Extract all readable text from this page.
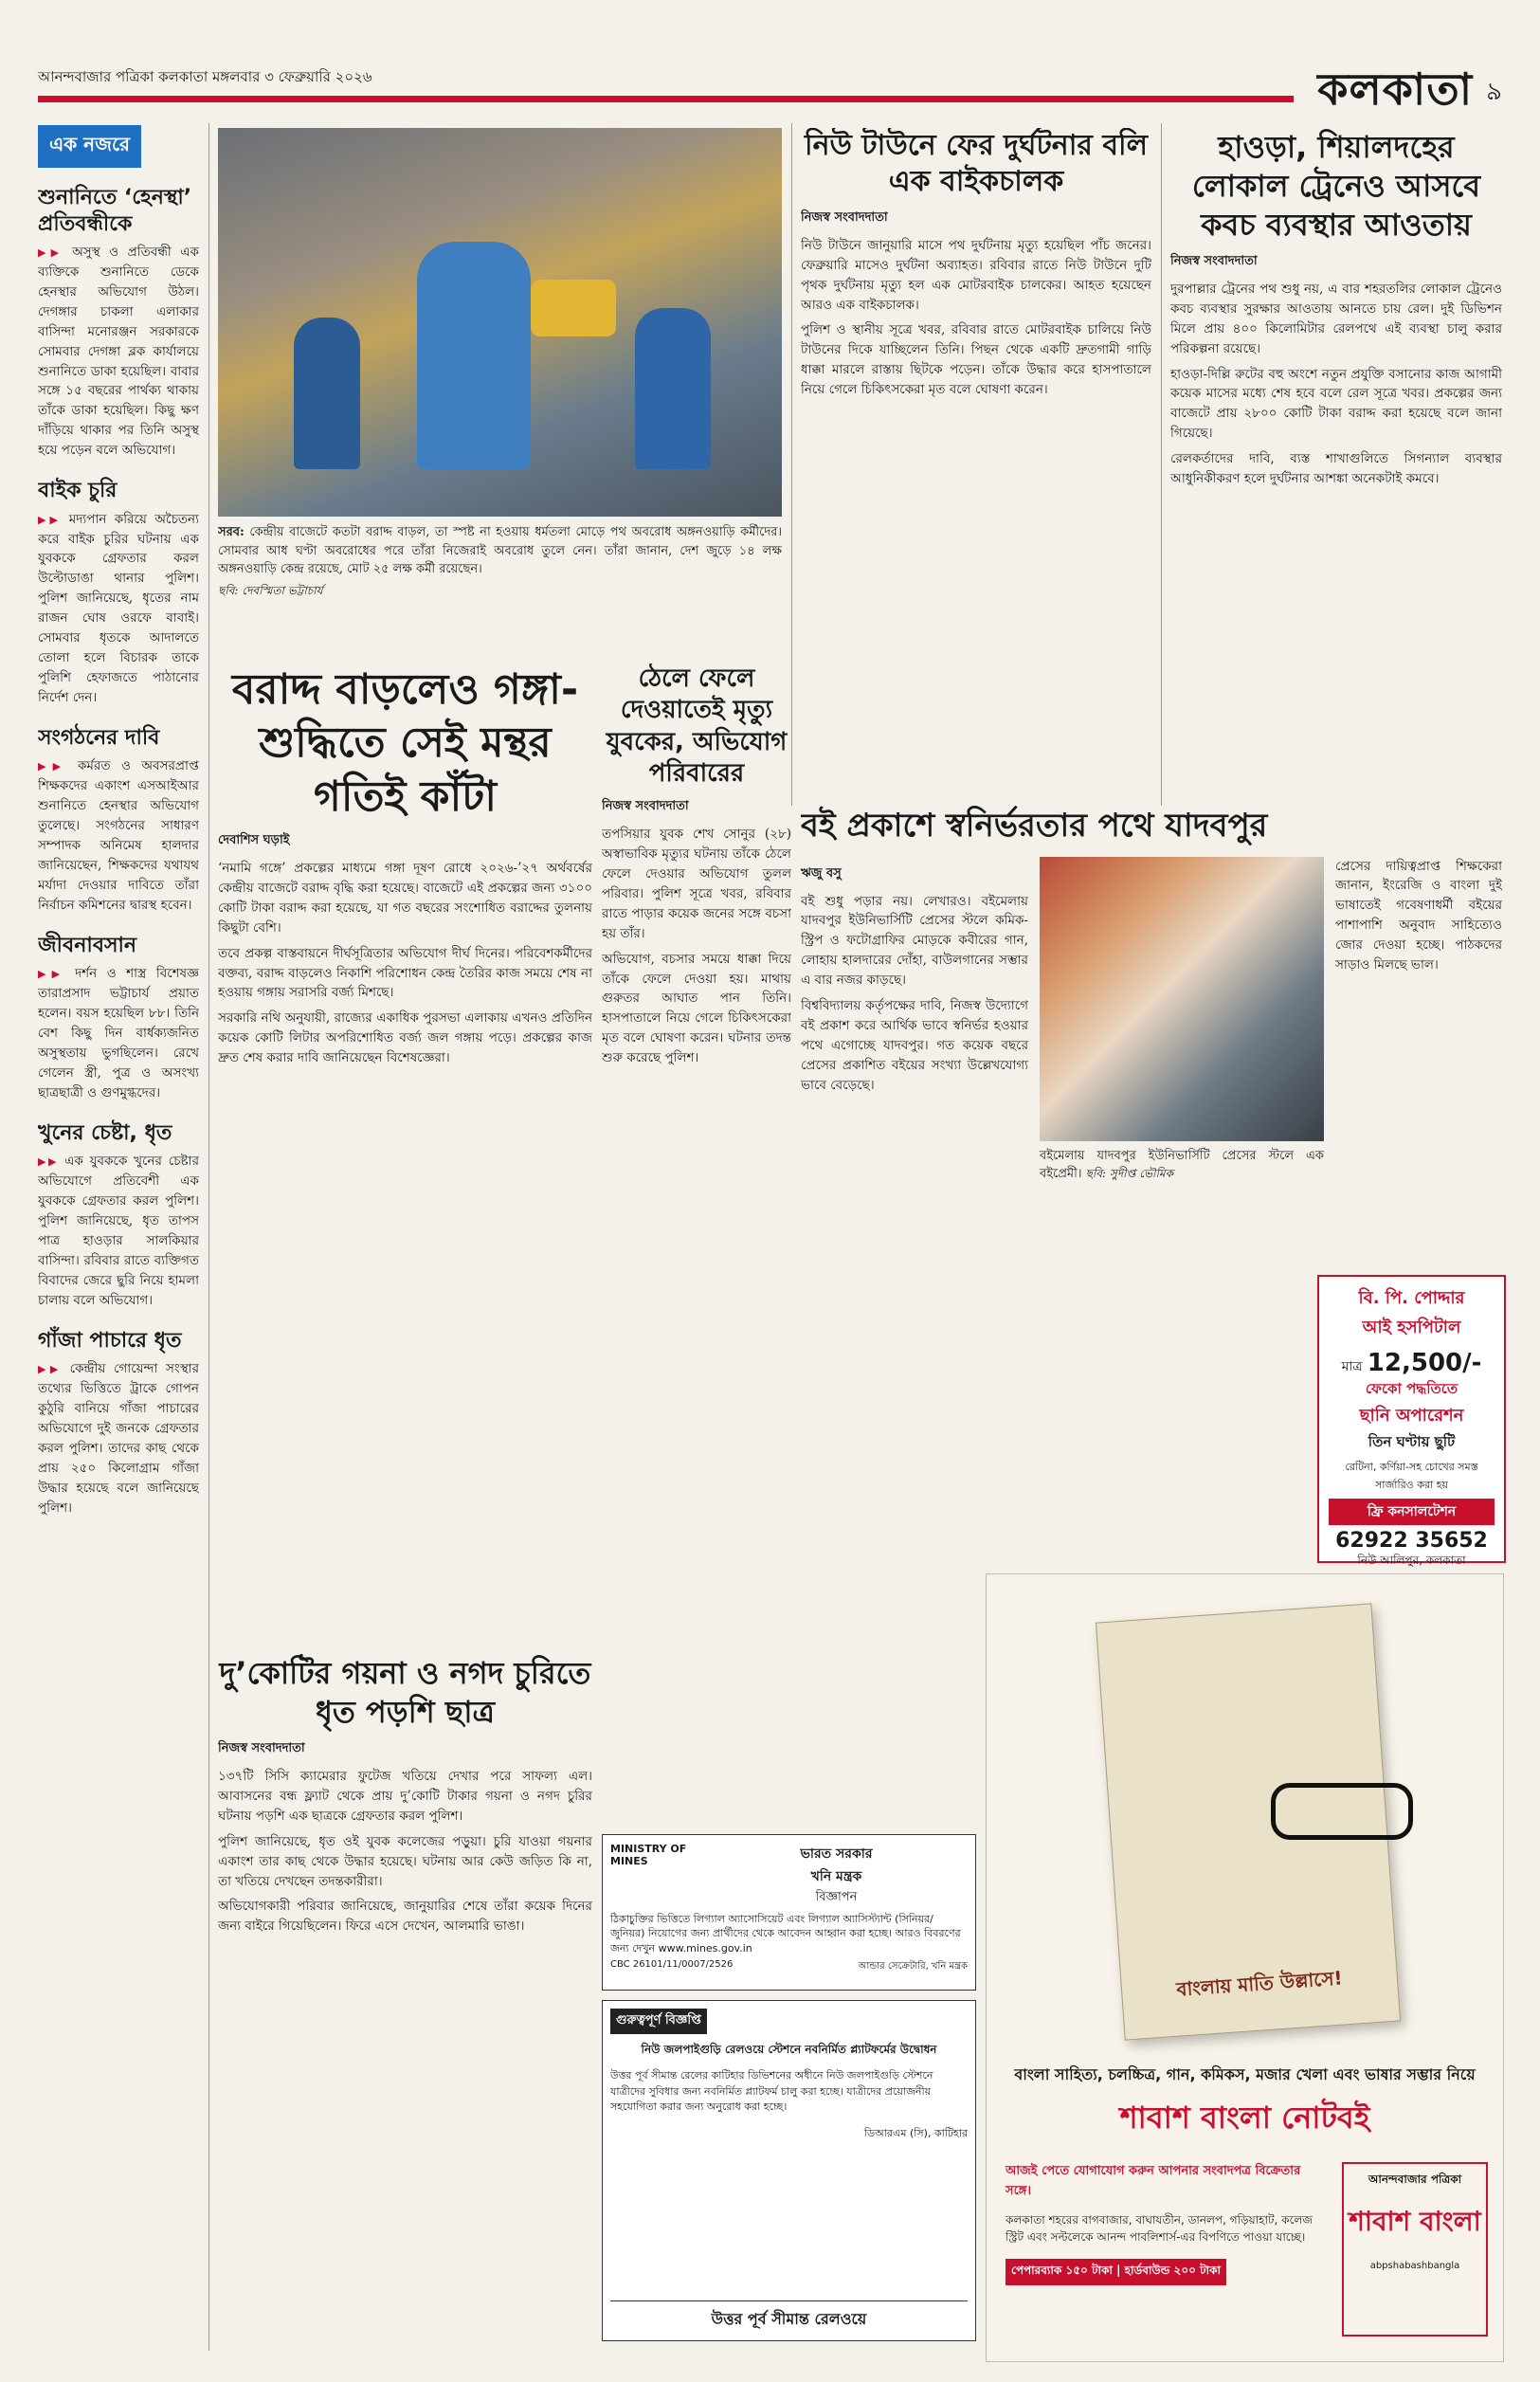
আনন্দবাজার পত্রিকা কলকাতা মঙ্গলবার ৩ ফেব্রুয়ারি ২০২৬	কলকাতা ৯
এক নজরে
শুনানিতে ‘হেনস্থা’ প্রতিবন্ধীকে

▶▶ অসুস্থ ও প্রতিবন্ধী এক ব্যক্তিকে শুনানিতে ডেকে হেনস্থার অভিযোগ উঠল। দেগঙ্গার চাকলা এলাকার বাসিন্দা মনোরঞ্জন সরকারকে সোমবার দেগঙ্গা ব্লক কার্যালয়ে শুনানিতে ডাকা হয়েছিল। বাবার সঙ্গে ১৫ বছরের পার্থক্য থাকায় তাঁকে ডাকা হয়েছিল। কিছু ক্ষণ দাঁড়িয়ে থাকার পর তিনি অসুস্থ হয়ে পড়েন বলে অভিযোগ।

বাইক চুরি

▶▶ মদ্যপান করিয়ে অচৈতন্য করে বাইক চুরির ঘটনায় এক যুবককে গ্রেফতার করল উল্টোডাঙা থানার পুলিশ। পুলিশ জানিয়েছে, ধৃতের নাম রাজন ঘোষ ওরফে বাবাই। সোমবার ধৃতকে আদালতে তোলা হলে বিচারক তাকে পুলিশি হেফাজতে পাঠানোর নির্দেশ দেন।

সংগঠনের দাবি

▶▶ কর্মরত ও অবসরপ্রাপ্ত শিক্ষকদের একাংশ এসআইআর শুনানিতে হেনস্থার অভিযোগ তুলেছে। সংগঠনের সাধারণ সম্পাদক অনিমেষ হালদার জানিয়েছেন, শিক্ষকদের যথাযথ মর্যাদা দেওয়ার দাবিতে তাঁরা নির্বাচন কমিশনের দ্বারস্থ হবেন।

জীবনাবসান

▶▶ দর্শন ও শাস্ত্র বিশেষজ্ঞ তারাপ্রসাদ ভট্টাচার্য প্রয়াত হলেন। বয়স হয়েছিল ৮৮। তিনি বেশ কিছু দিন বার্ধক্যজনিত অসুস্থতায় ভুগছিলেন। রেখে গেলেন স্ত্রী, পুত্র ও অসংখ্য ছাত্রছাত্রী ও গুণমুগ্ধদের।

খুনের চেষ্টা, ধৃত

▶▶ এক যুবককে খুনের চেষ্টার অভিযোগে প্রতিবেশী এক যুবককে গ্রেফতার করল পুলিশ। পুলিশ জানিয়েছে, ধৃত তাপস পাত্র হাওড়ার সালকিয়ার বাসিন্দা। রবিবার রাতে ব্যক্তিগত বিবাদের জেরে ছুরি নিয়ে হামলা চালায় বলে অভিযোগ।

গাঁজা পাচারে ধৃত

▶▶ কেন্দ্রীয় গোয়েন্দা সংস্থার তথ্যের ভিত্তিতে ট্রাকে গোপন কুঠুরি বানিয়ে গাঁজা পাচারের অভিযোগে দুই জনকে গ্রেফতার করল পুলিশ। তাদের কাছ থেকে প্রায় ২৫০ কিলোগ্রাম গাঁজা উদ্ধার হয়েছে বলে জানিয়েছে পুলিশ।

সরব: কেন্দ্রীয় বাজেটে কতটা বরাদ্দ বাড়ল, তা স্পষ্ট না হওয়ায় ধর্মতলা মোড়ে পথ অবরোধ অঙ্গনওয়াড়ি কর্মীদের। সোমবার আধ ঘণ্টা অবরোধের পরে তাঁরা নিজেরাই অবরোধ তুলে নেন। তাঁরা জানান, দেশ জুড়ে ১৪ লক্ষ অঙ্গনওয়াড়ি কেন্দ্র রয়েছে, মোট ২৫ লক্ষ কর্মী রয়েছেন।
ছবি: দেবস্মিতা ভট্টাচার্য
নিউ টাউনে ফের দুর্ঘটনার বলি এক বাইকচালক
নিজস্ব সংবাদদাতা

নিউ টাউনে জানুয়ারি মাসে পথ দুর্ঘটনায় মৃত্যু হয়েছিল পাঁচ জনের। ফেব্রুয়ারি মাসেও দুর্ঘটনা অব্যাহত। রবিবার রাতে নিউ টাউনে দুটি পৃথক দুর্ঘটনায় মৃত্যু হল এক মোটরবাইক চালকের। আহত হয়েছেন আরও এক বাইকচালক।

পুলিশ ও স্থানীয় সূত্রে খবর, রবিবার রাতে মোটরবাইক চালিয়ে নিউ টাউনের দিকে যাচ্ছিলেন তিনি। পিছন থেকে একটি দ্রুতগামী গাড়ি ধাক্কা মারলে রাস্তায় ছিটকে পড়েন। তাঁকে উদ্ধার করে হাসপাতালে নিয়ে গেলে চিকিৎসকেরা মৃত বলে ঘোষণা করেন।

হাওড়া, শিয়ালদহের লোকাল ট্রেনেও আসবে কবচ ব্যবস্থার আওতায়
নিজস্ব সংবাদদাতা

দুরপাল্লার ট্রেনের পথ শুধু নয়, এ বার শহরতলির লোকাল ট্রেনেও কবচ ব্যবস্থার সুরক্ষার আওতায় আনতে চায় রেল। দুই ডিভিশন মিলে প্রায় ৪০০ কিলোমিটার রেলপথে এই ব্যবস্থা চালু করার পরিকল্পনা রয়েছে।

হাওড়া-দিল্লি রুটের বহু অংশে নতুন প্রযুক্তি বসানোর কাজ আগামী কয়েক মাসের মধ্যে শেষ হবে বলে রেল সূত্রে খবর। প্রকল্পের জন্য বাজেটে প্রায় ২৮০০ কোটি টাকা বরাদ্দ করা হয়েছে বলে জানা গিয়েছে।

রেলকর্তাদের দাবি, ব্যস্ত শাখাগুলিতে সিগন্যাল ব্যবস্থার আধুনিকীকরণ হলে দুর্ঘটনার আশঙ্কা অনেকটাই কমবে।

বরাদ্দ বাড়লেও গঙ্গা-শুদ্ধিতে সেই মন্থর গতিই কাঁটা
দেবাশিস ঘড়াই

‘নমামি গঙ্গে’ প্রকল্পের মাধ্যমে গঙ্গা দূষণ রোধে ২০২৬-’২৭ অর্থবর্ষের কেন্দ্রীয় বাজেটে বরাদ্দ বৃদ্ধি করা হয়েছে। বাজেটে এই প্রকল্পের জন্য ৩১০০ কোটি টাকা বরাদ্দ করা হয়েছে, যা গত বছরের সংশোধিত বরাদ্দের তুলনায় কিছুটা বেশি।

তবে প্রকল্প বাস্তবায়নে দীর্ঘসূত্রিতার অভিযোগ দীর্ঘ দিনের। পরিবেশকর্মীদের বক্তব্য, বরাদ্দ বাড়লেও নিকাশি পরিশোধন কেন্দ্র তৈরির কাজ সময়ে শেষ না হওয়ায় গঙ্গায় সরাসরি বর্জ্য মিশছে।

সরকারি নথি অনুযায়ী, রাজ্যের একাধিক পুরসভা এলাকায় এখনও প্রতিদিন কয়েক কোটি লিটার অপরিশোধিত বর্জ্য জল গঙ্গায় পড়ে। প্রকল্পের কাজ দ্রুত শেষ করার দাবি জানিয়েছেন বিশেষজ্ঞেরা।

ঠেলে ফেলে দেওয়াতেই মৃত্যু যুবকের, অভিযোগ পরিবারের
নিজস্ব সংবাদদাতা

তপসিয়ার যুবক শেখ সোনুর (২৮) অস্বাভাবিক মৃত্যুর ঘটনায় তাঁকে ঠেলে ফেলে দেওয়ার অভিযোগ তুলল পরিবার। পুলিশ সূত্রে খবর, রবিবার রাতে পাড়ার কয়েক জনের সঙ্গে বচসা হয় তাঁর।

অভিযোগ, বচসার সময়ে ধাক্কা দিয়ে তাঁকে ফেলে দেওয়া হয়। মাথায় গুরুতর আঘাত পান তিনি। হাসপাতালে নিয়ে গেলে চিকিৎসকেরা মৃত বলে ঘোষণা করেন। ঘটনার তদন্ত শুরু করেছে পুলিশ।

বই প্রকাশে স্বনির্ভরতার পথে যাদবপুর
ঋজু বসু

বই শুধু পড়ার নয়। লেখারও। বইমেলায় যাদবপুর ইউনিভার্সিটি প্রেসের স্টলে কমিক-স্ট্রিপ ও ফটোগ্রাফির মোড়কে কবীরের গান, লোহায় হালদারের দোঁহা, বাউলগানের সম্ভার এ বার নজর কাড়ছে।

বিশ্ববিদ্যালয় কর্তৃপক্ষের দাবি, নিজস্ব উদ্যোগে বই প্রকাশ করে আর্থিক ভাবে স্বনির্ভর হওয়ার পথে এগোচ্ছে যাদবপুর। গত কয়েক বছরে প্রেসের প্রকাশিত বইয়ের সংখ্যা উল্লেখযোগ্য ভাবে বেড়েছে।

বইমেলায় যাদবপুর ইউনিভার্সিটি প্রেসের স্টলে এক বইপ্রেমী। ছবি: সুদীপ্ত ভৌমিক

প্রেসের দায়িত্বপ্রাপ্ত শিক্ষকেরা জানান, ইংরেজি ও বাংলা দুই ভাষাতেই গবেষণাধর্মী বইয়ের পাশাপাশি অনুবাদ সাহিত্যেও জোর দেওয়া হচ্ছে। পাঠকদের সাড়াও মিলছে ভাল।

বি. পি. পোদ্দার
আই হসপিটাল
মাত্র 12,500/-
ফেকো পদ্ধতিতে
ছানি অপারেশন
তিন ঘণ্টায় ছুটি
রেটিনা, কর্ণিয়া-সহ চোখের সমস্ত সার্জারিও করা হয়
ফ্রি কনসালটেশন
62922 35652
নিউ আলিপুর, কলকাতা
দু’কোটির গয়না ও নগদ চুরিতে ধৃত পড়শি ছাত্র
নিজস্ব সংবাদদাতা

১৩৭টি সিসি ক্যামেরার ফুটেজ খতিয়ে দেখার পরে সাফল্য এল। আবাসনের বন্ধ ফ্ল্যাট থেকে প্রায় দু’কোটি টাকার গয়না ও নগদ চুরির ঘটনায় পড়শি এক ছাত্রকে গ্রেফতার করল পুলিশ।

পুলিশ জানিয়েছে, ধৃত ওই যুবক কলেজের পড়ুয়া। চুরি যাওয়া গয়নার একাংশ তার কাছ থেকে উদ্ধার হয়েছে। ঘটনায় আর কেউ জড়িত কি না, তা খতিয়ে দেখছেন তদন্তকারীরা।

অভিযোগকারী পরিবার জানিয়েছে, জানুয়ারির শেষে তাঁরা কয়েক দিনের জন্য বাইরে গিয়েছিলেন। ফিরে এসে দেখেন, আলমারি ভাঙা।

MINISTRY OF MINES	ভারত সরকার
খনি মন্ত্রক
বিজ্ঞাপন
ঠিকাচুক্তির ভিত্তিতে লিগ্যাল অ্যাসোসিয়েট এবং লিগ্যাল অ্যাসিস্ট্যান্ট (সিনিয়র/জুনিয়র) নিয়োগের জন্য প্রার্থীদের থেকে আবেদন আহ্বান করা হচ্ছে। আরও বিবরণের জন্য দেখুন www.mines.gov.in
CBC 26101/11/0007/2526	আন্ডার সেক্রেটারি, খনি মন্ত্রক
গুরুত্বপূর্ণ বিজ্ঞপ্তি
নিউ জলপাইগুড়ি রেলওয়ে স্টেশনে নবনির্মিত প্ল্যাটফর্মের উদ্বোধন
উত্তর পূর্ব সীমান্ত রেলের কাটিহার ডিভিশনের অধীনে নিউ জলপাইগুড়ি স্টেশনে যাত্রীদের সুবিধার জন্য নবনির্মিত প্ল্যাটফর্ম চালু করা হচ্ছে। যাত্রীদের প্রয়োজনীয় সহযোগিতা করার জন্য অনুরোধ করা হচ্ছে।
ডিআরএম (সি), কাটিহার
উত্তর পূর্ব সীমান্ত রেলওয়ে
বাংলায় মাতি উল্লাসে!
বাংলা সাহিত্য, চলচ্চিত্র, গান, কমিকস, মজার খেলা এবং ভাষার সম্ভার নিয়ে
শাবাশ বাংলা নোটবই
আজই পেতে যোগাযোগ করুন আপনার সংবাদপত্র বিক্রেতার সঙ্গে।
কলকাতা শহরের বাগবাজার, বাঘাযতীন, ডানলপ, গড়িয়াহাট, কলেজ স্ট্রিট এবং সল্টলেকে আনন্দ পাবলিশার্স-এর বিপণিতে পাওয়া যাচ্ছে।
পেপারব্যাক ১৫০ টাকা | হার্ডবাউন্ড ২০০ টাকা
আনন্দবাজার পত্রিকা
শাবাশ বাংলা
abpshabashbangla
